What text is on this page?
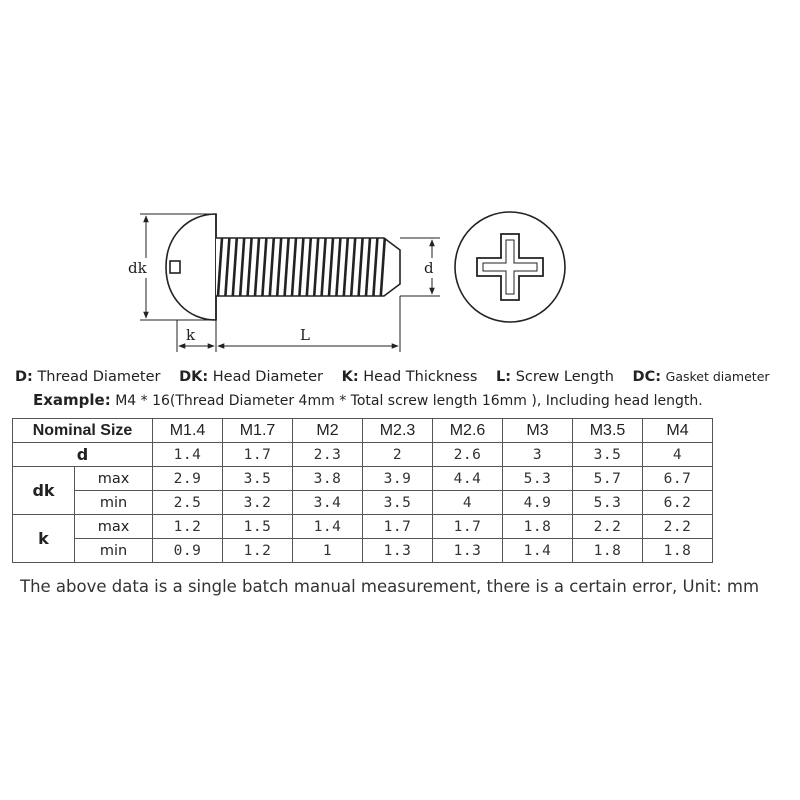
dk	d
k	L
D: Thread Diameter DK: Head Diameter K: Head Thickness L: Screw Length DC: Gasket diameter
Example: M4 * 16(Thread Diameter 4mm * Total screw length 16mm ), Including head length.
Nominal Size		M1.4	M1.7	M2	M2.3	M2.6	M3	M3.5	M4
d		1.4	1.7	2.3	2	2.6	3	3.5	4
dk	max	2.9	3.5	3.8	3.9	4.4	5.3	5.7	6.7
	min	2.5	3.2	3.4	3.5	4	4.9	5.3	6.2
k	max	1.2	1.5	1.4	1.7	1.7	1.8	2.2	2.2
	min	0.9	1.2	1	1.3	1.3	1.4	1.8	1.8
The above data is a single batch manual measurement, there is a certain error, Unit: mm
